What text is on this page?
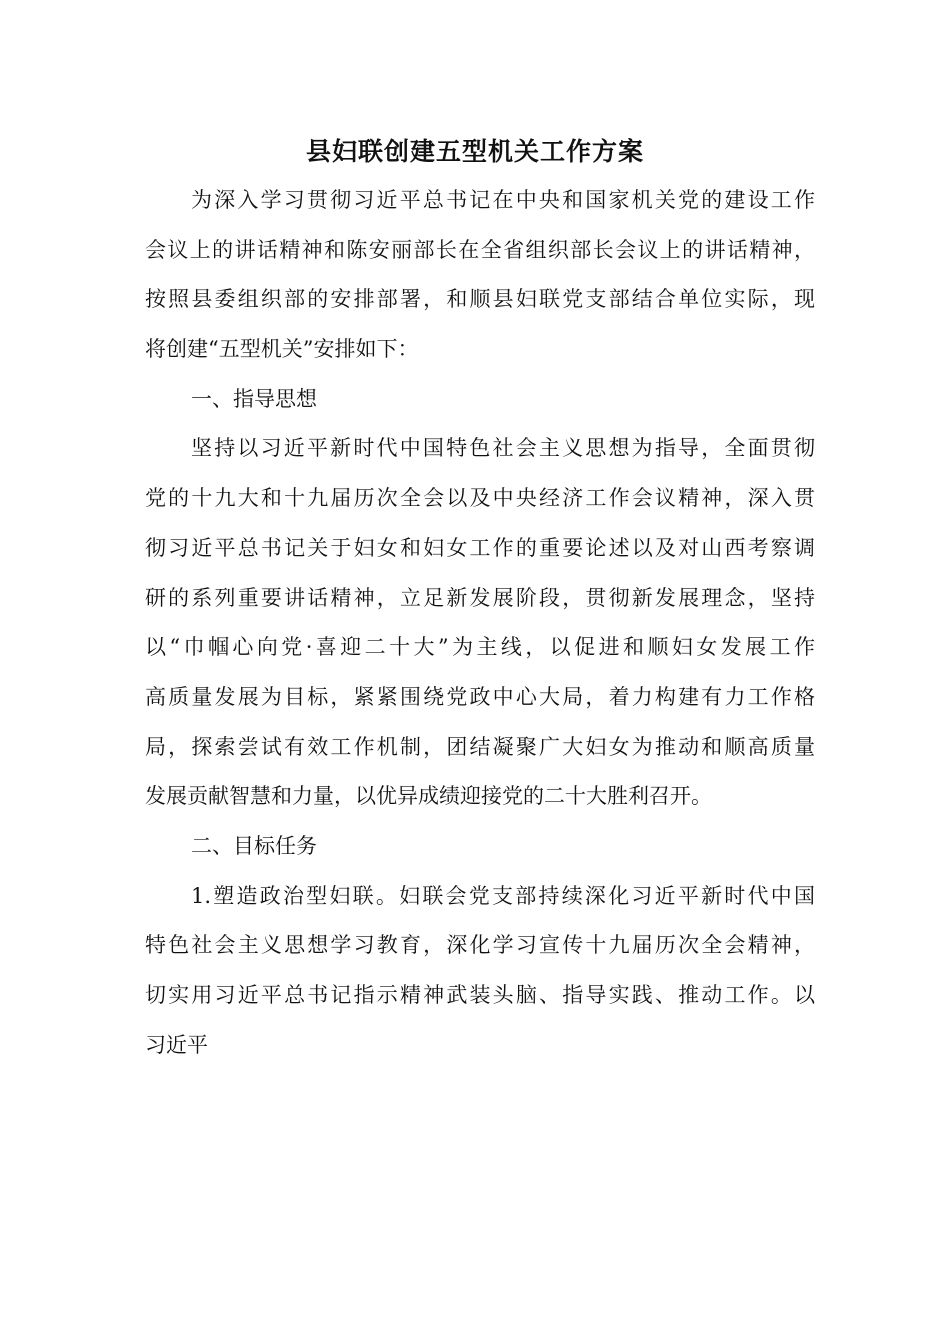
县妇联创建五型机关工作方案
为深入学习贯彻习近平总书记在中央和国家机关党的建设工作
会议上的讲话精神和陈安丽部长在全省组织部长会议上的讲话精神，
按照县委组织部的安排部署，和顺县妇联党支部结合单位实际，现
将创建“五型机关”安排如下：
一、指导思想
坚持以习近平新时代中国特色社会主义思想为指导，全面贯彻
党的十九大和十九届历次全会以及中央经济工作会议精神，深入贯
彻习近平总书记关于妇女和妇女工作的重要论述以及对山西考察调
研的系列重要讲话精神，立足新发展阶段，贯彻新发展理念，坚持
以“巾帼心向党·喜迎二十大”为主线，以促进和顺妇女发展工作
高质量发展为目标，紧紧围绕党政中心大局，着力构建有力工作格
局，探索尝试有效工作机制，团结凝聚广大妇女为推动和顺高质量
发展贡献智慧和力量，以优异成绩迎接党的二十大胜利召开。
二、目标任务
1.塑造政治型妇联。妇联会党支部持续深化习近平新时代中国
特色社会主义思想学习教育，深化学习宣传十九届历次全会精神，
切实用习近平总书记指示精神武装头脑、指导实践、推动工作。以
习近平
